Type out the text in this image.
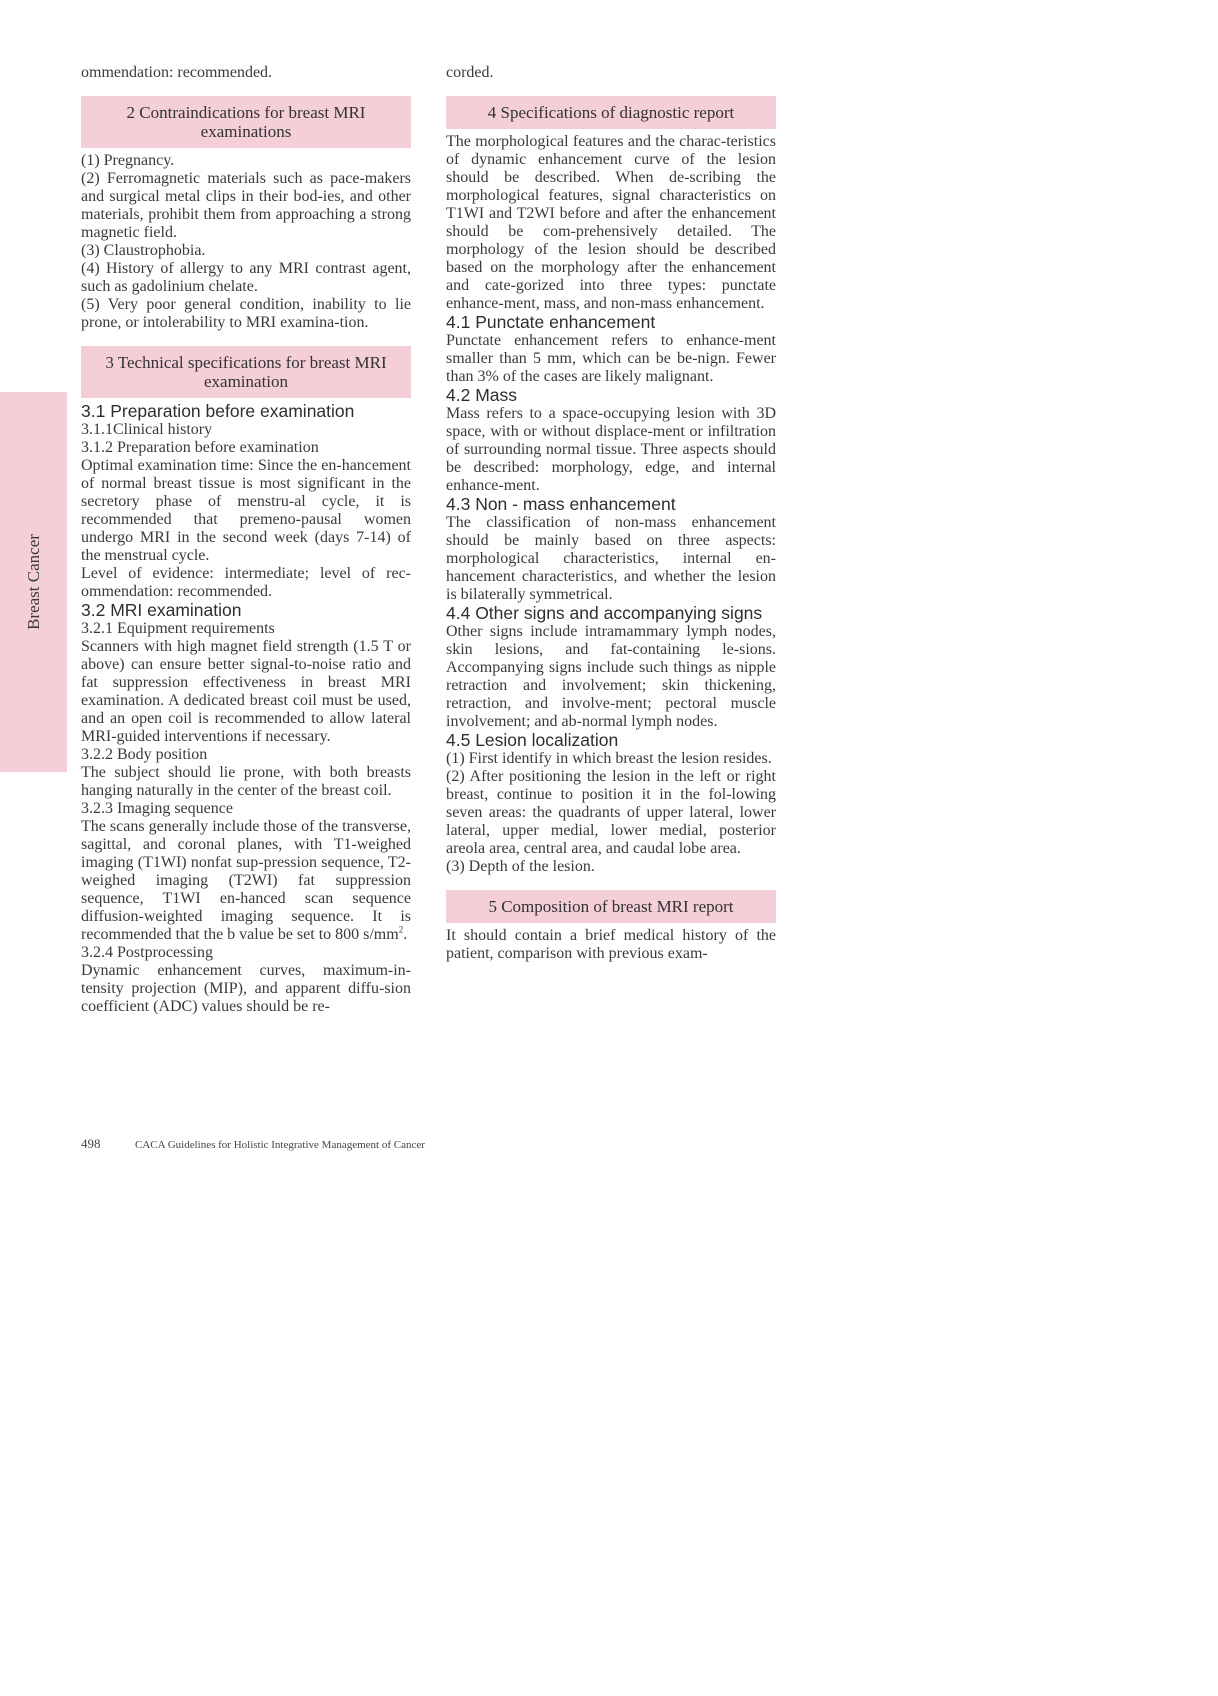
Breast Cancer

ommendation: recommended.

2 Contraindications for breast MRI examinations

(1) Pregnancy.

(2) Ferromagnetic materials such as pace-makers and surgical metal clips in their bod-ies, and other materials, prohibit them from approaching a strong magnetic field.

(3) Claustrophobia.

(4) History of allergy to any MRI contrast agent, such as gadolinium chelate.

(5) Very poor general condition, inability to lie prone, or intolerability to MRI examina-tion.

3 Technical specifications for breast MRI examination
3.1 Preparation before examination
3.1.1Clinical history
3.1.2 Preparation before examination

Optimal examination time: Since the en-hancement of normal breast tissue is most significant in the secretory phase of menstru-al cycle, it is recommended that premeno-pausal women undergo MRI in the second week (days 7-14) of the menstrual cycle.

Level of evidence: intermediate; level of rec-ommendation: recommended.

3.2 MRI examination
3.2.1 Equipment requirements

Scanners with high magnet field strength (1.5 T or above) can ensure better signal-to-noise ratio and fat suppression effectiveness in breast MRI examination. A dedicated breast coil must be used, and an open coil is recommended to allow lateral MRI-guided interventions if necessary.

3.2.2 Body position

The subject should lie prone, with both breasts hanging naturally in the center of the breast coil.

3.2.3 Imaging sequence

The scans generally include those of the transverse, sagittal, and coronal planes, with T1-weighed imaging (T1WI) nonfat sup-pression sequence, T2-weighed imaging (T2WI) fat suppression sequence, T1WI en-hanced scan sequence diffusion-weighted imaging sequence. It is recommended that the b value be set to 800 $s/mm^2$.

3.2.4 Postprocessing

Dynamic enhancement curves, maximum-in-tensity projection (MIP), and apparent diffu-sion coefficient (ADC) values should be re-

corded.

4 Specifications of diagnostic report

The morphological features and the charac-teristics of dynamic enhancement curve of the lesion should be described. When de-scribing the morphological features, signal characteristics on T1WI and T2WI before and after the enhancement should be com-prehensively detailed. The morphology of the lesion should be described based on the morphology after the enhancement and cate-gorized into three types: punctate enhance-ment, mass, and non-mass enhancement.

4.1 Punctate enhancement

Punctate enhancement refers to enhance-ment smaller than 5 mm, which can be be-nign. Fewer than 3% of the cases are likely malignant.

4.2 Mass

Mass refers to a space-occupying lesion with 3D space, with or without displace-ment or infiltration of surrounding normal tissue. Three aspects should be described: morphology, edge, and internal enhance-ment.

4.3 Non - mass enhancement

The classification of non-mass enhancement should be mainly based on three aspects: morphological characteristics, internal en-hancement characteristics, and whether the lesion is bilaterally symmetrical.

4.4 Other signs and accompanying signs

Other signs include intramammary lymph nodes, skin lesions, and fat-containing le-sions. Accompanying signs include such things as nipple retraction and involvement; skin thickening, retraction, and involve-ment; pectoral muscle involvement; and ab-normal lymph nodes.

4.5 Lesion localization

(1) First identify in which breast the lesion resides.

(2) After positioning the lesion in the left or right breast, continue to position it in the fol-lowing seven areas: the quadrants of upper lateral, lower lateral, upper medial, lower medial, posterior areola area, central area, and caudal lobe area.

(3) Depth of the lesion.

5 Composition of breast MRI report

It should contain a brief medical history of the patient, comparison with previous exam-

498	CACA Guidelines for Holistic Integrative Management of Cancer
